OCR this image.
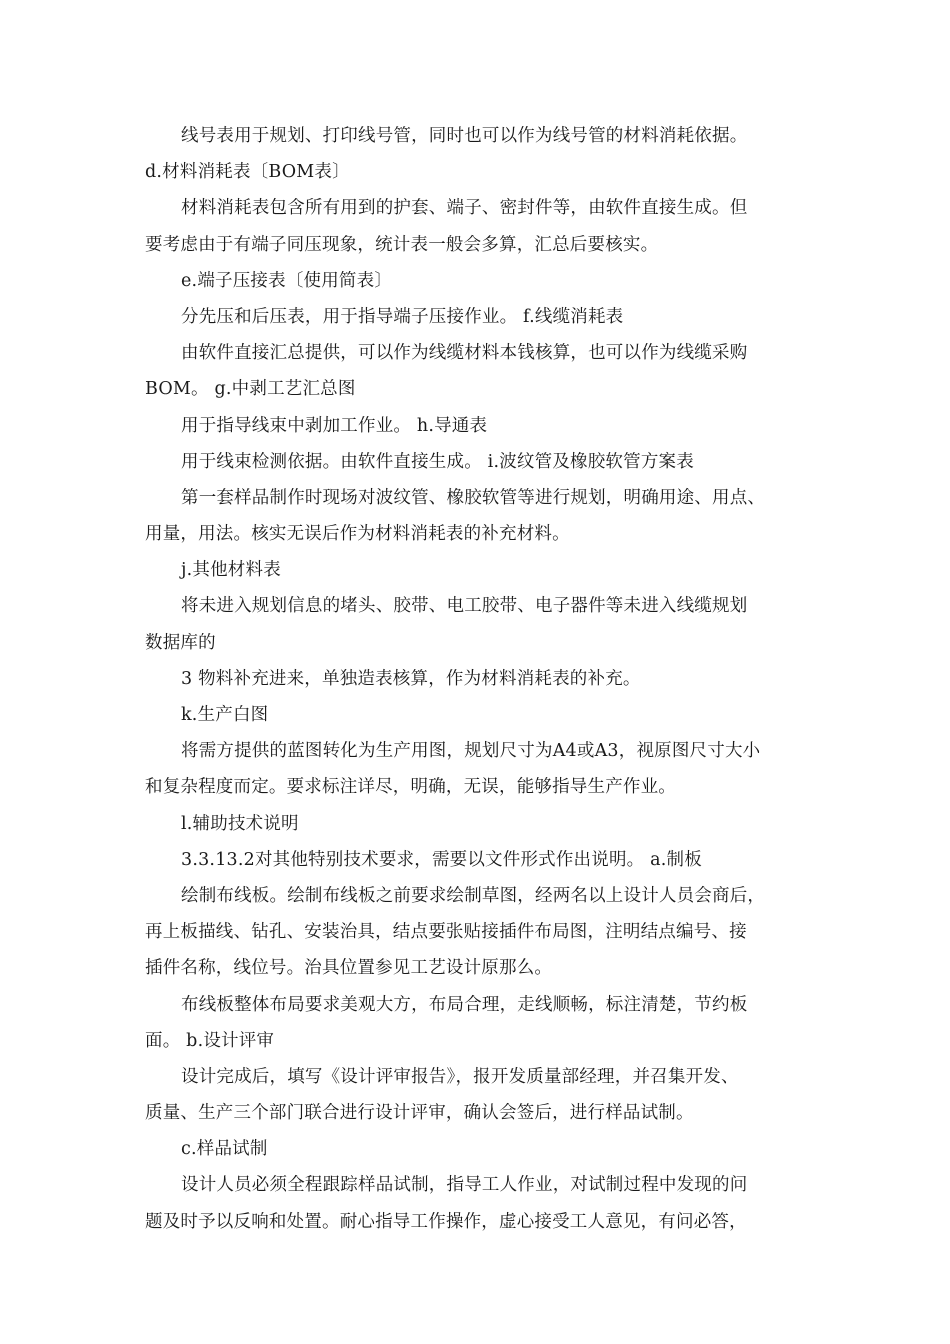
线号表用于规划、打印线号管，同时也可以作为线号管的材料消耗依据。
d.材料消耗表〔BOM表〕
材料消耗表包含所有用到的护套、端子、密封件等，由软件直接生成。但
要考虑由于有端子同压现象，统计表一般会多算，汇总后要核实。
e.端子压接表〔使用简表〕
分先压和后压表，用于指导端子压接作业。 f.线缆消耗表
由软件直接汇总提供，可以作为线缆材料本钱核算，也可以作为线缆采购
BOM。 g.中剥工艺汇总图
用于指导线束中剥加工作业。 h.导通表
用于线束检测依据。由软件直接生成。 i.波纹管及橡胶软管方案表
第一套样品制作时现场对波纹管、橡胶软管等进行规划，明确用途、用点、
用量，用法。核实无误后作为材料消耗表的补充材料。
j.其他材料表
将未进入规划信息的堵头、胶带、电工胶带、电子器件等未进入线缆规划
数据库的
3 物料补充进来，单独造表核算，作为材料消耗表的补充。
k.生产白图
将需方提供的蓝图转化为生产用图，规划尺寸为A4或A3，视原图尺寸大小
和复杂程度而定。要求标注详尽，明确，无误，能够指导生产作业。
l.辅助技术说明
3.3.13.2对其他特别技术要求，需要以文件形式作出说明。 a.制板
绘制布线板。绘制布线板之前要求绘制草图，经两名以上设计人员会商后，
再上板描线、钻孔、安装治具，结点要张贴接插件布局图，注明结点编号、接
插件名称，线位号。治具位置参见工艺设计原那么。
布线板整体布局要求美观大方，布局合理，走线顺畅，标注清楚，节约板
面。 b.设计评审
设计完成后，填写《设计评审报告》，报开发质量部经理，并召集开发、
质量、生产三个部门联合进行设计评审，确认会签后，进行样品试制。
c.样品试制
设计人员必须全程跟踪样品试制，指导工人作业，对试制过程中发现的问
题及时予以反响和处置。耐心指导工作操作，虚心接受工人意见，有问必答，
